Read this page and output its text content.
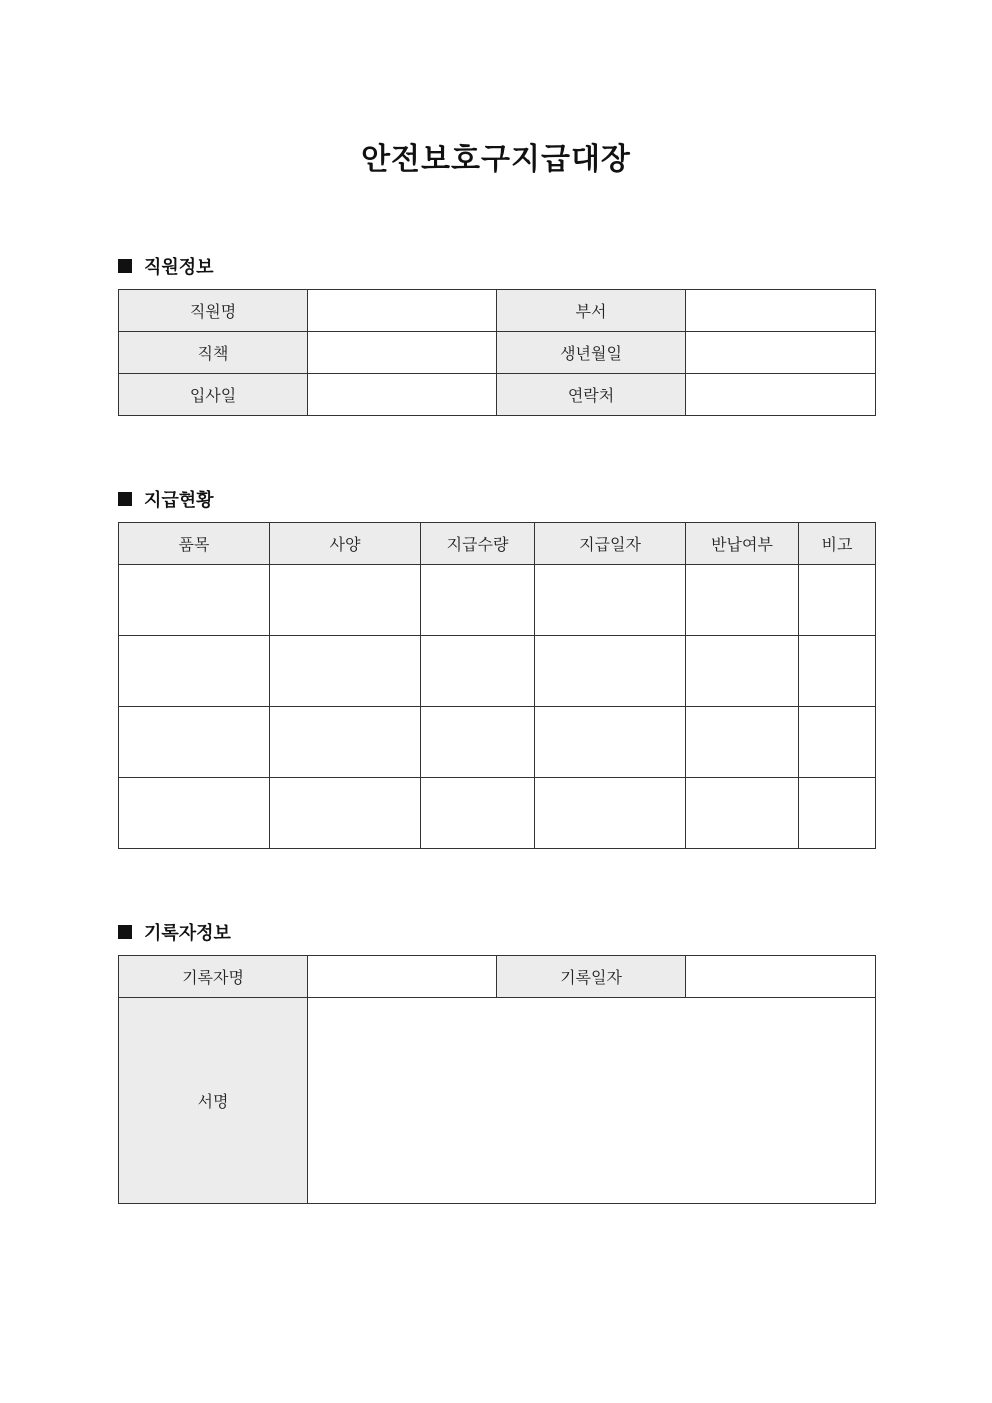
안전보호구지급대장
직원정보
직원명		부서	
직책		생년월일	
입사일		연락처	
지급현황
품목	사양	지급수량	지급일자	반납여부	비고

기록자정보
기록자명		기록일자	
서명			
